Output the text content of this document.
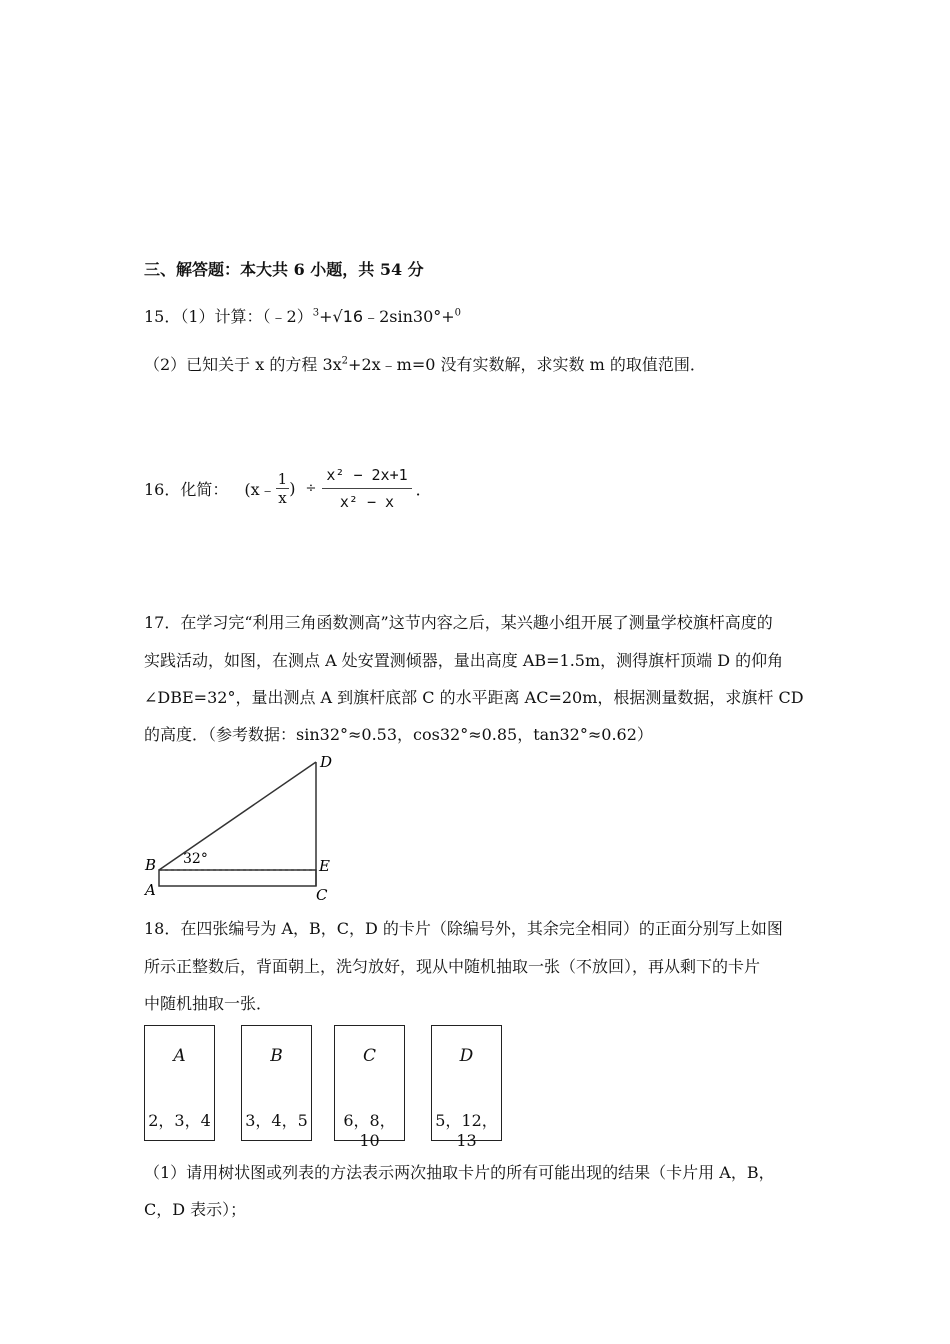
三、解答题：本大共 6 小题，共 54 分
15．（1）计算：（﹣2）$^3$+√16﹣2sin30°+$^0$
（2）已知关于 x 的方程 $3x^2+2x﹣m=0$ 没有实数解，求实数 m 的取值范围．
16．化简： (x﹣ $\frac{1}{x}$ ) ÷ $\frac{\text{x² − 2x+1}}{\text{x² − x}}$ ．
17．在学习完“利用三角函数测高”这节内容之后，某兴趣小组开展了测量学校旗杆高度的
实践活动，如图，在测点 A 处安置测倾器，量出高度 AB=1.5m，测得旗杆顶端 D 的仰角
∠DBE=32°，量出测点 A 到旗杆底部 C 的水平距离 AC=20m，根据测量数据，求旗杆 CD
的高度．（参考数据：sin32°≈0.53，cos32°≈0.85，tan32°≈0.62）
D
B	E
A	C
32°
18．在四张编号为 A，B，C，D 的卡片（除编号外，其余完全相同）的正面分别写上如图
所示正整数后，背面朝上，洗匀放好，现从中随机抽取一张（不放回），再从剩下的卡片
中随机抽取一张．
A
2，3，4
B
3，4，5
C
6，8，10
D
5，12，13
（1）请用树状图或列表的方法表示两次抽取卡片的所有可能出现的结果（卡片用 A，B，
C，D 表示）；
